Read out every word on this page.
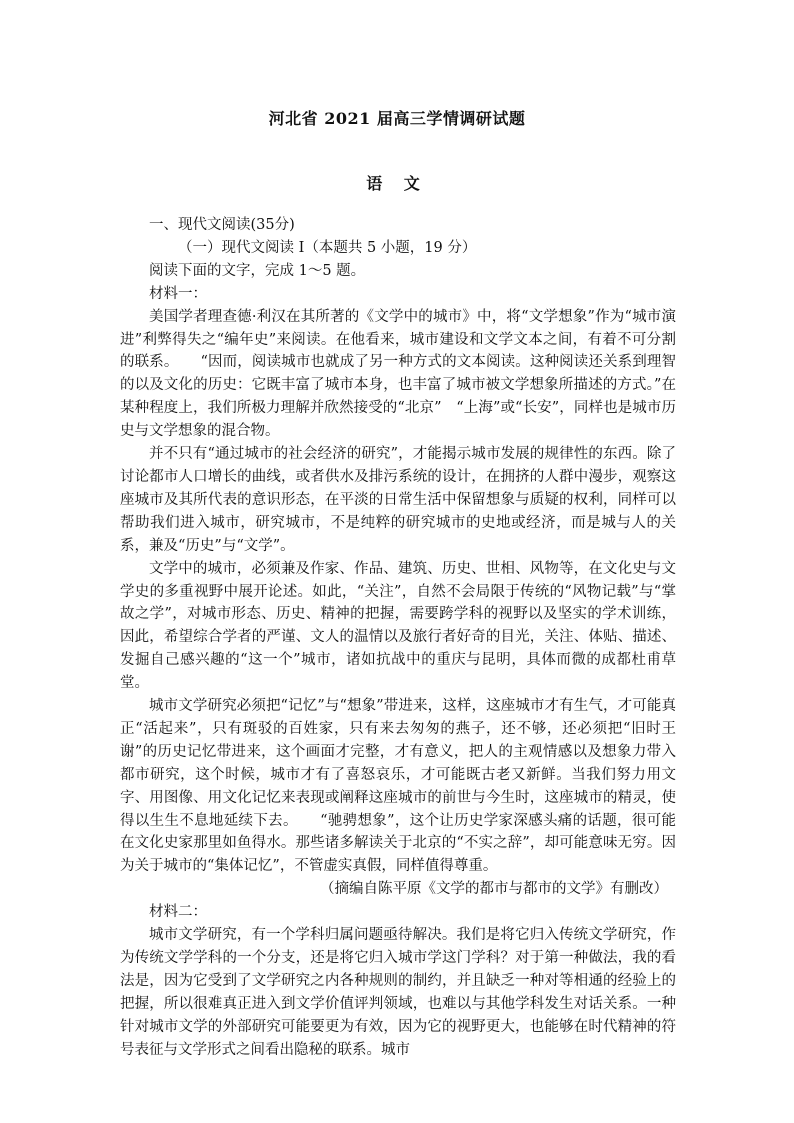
河北省 2021 届高三学情调研试题
语 文

一、现代文阅读(35分)

（一）现代文阅读 I（本题共 5 小题，19 分）

阅读下面的文字，完成 1～5 题。

材料一：

美国学者理查德·利汉在其所著的《文学中的城市》中，将“文学想象”作为“城市演进”利弊得失之“编年史”来阅读。在他看来，城市建设和文学文本之间，有着不可分割的联系。　　“因而，阅读城市也就成了另一种方式的文本阅读。这种阅读还关系到理智的以及文化的历史：它既丰富了城市本身，也丰富了城市被文学想象所描述的方式。”在某种程度上，我们所极力理解并欣然接受的“北京”　“上海”或“长安”，同样也是城市历史与文学想象的混合物。

并不只有“通过城市的社会经济的研究”，才能揭示城市发展的规律性的东西。除了讨论都市人口增长的曲线，或者供水及排污系统的设计，在拥挤的人群中漫步，观察这座城市及其所代表的意识形态，在平淡的日常生活中保留想象与质疑的权利，同样可以帮助我们进入城市，研究城市，不是纯粹的研究城市的史地或经济，而是城与人的关系，兼及“历史”与“文学”。

文学中的城市，必须兼及作家、作品、建筑、历史、世相、风物等，在文化史与文学史的多重视野中展开论述。如此，“关注”，自然不会局限于传统的“风物记载”与“掌故之学”，对城市形态、历史、精神的把握，需要跨学科的视野以及坚实的学术训练，因此，希望综合学者的严谨、文人的温情以及旅行者好奇的目光，关注、体贴、描述、发掘自己感兴趣的“这一个”城市，诸如抗战中的重庆与昆明，具体而微的成都杜甫草堂。

城市文学研究必须把“记忆”与“想象”带进来，这样，这座城市才有生气，才可能真正“活起来”，只有斑驳的百姓家，只有来去匆匆的燕子，还不够，还必须把“旧时王谢”的历史记忆带进来，这个画面才完整，才有意义，把人的主观情感以及想象力带入都市研究，这个时候，城市才有了喜怒哀乐，才可能既古老又新鲜。当我们努力用文字、用图像、用文化记忆来表现或阐释这座城市的前世与今生时，这座城市的精灵，使得以生生不息地延续下去。　　“驰骋想象”，这个让历史学家深感头痛的话题，很可能在文化史家那里如鱼得水。那些诸多解读关于北京的“不实之辞”，却可能意味无穷。因为关于城市的“集体记忆”，不管虚实真假，同样值得尊重。

（摘编自陈平原《文学的都市与都市的文学》有删改）

材料二：

城市文学研究，有一个学科归属问题亟待解决。我们是将它归入传统文学研究，作为传统文学学科的一个分支，还是将它归入城市学这门学科？对于第一种做法，我的看法是，因为它受到了文学研究之内各种规则的制约，并且缺乏一种对等相通的经验上的把握，所以很难真正进入到文学价值评判领域，也难以与其他学科发生对话关系。一种针对城市文学的外部研究可能要更为有效，因为它的视野更大，也能够在时代精神的符号表征与文学形式之间看出隐秘的联系。城市
